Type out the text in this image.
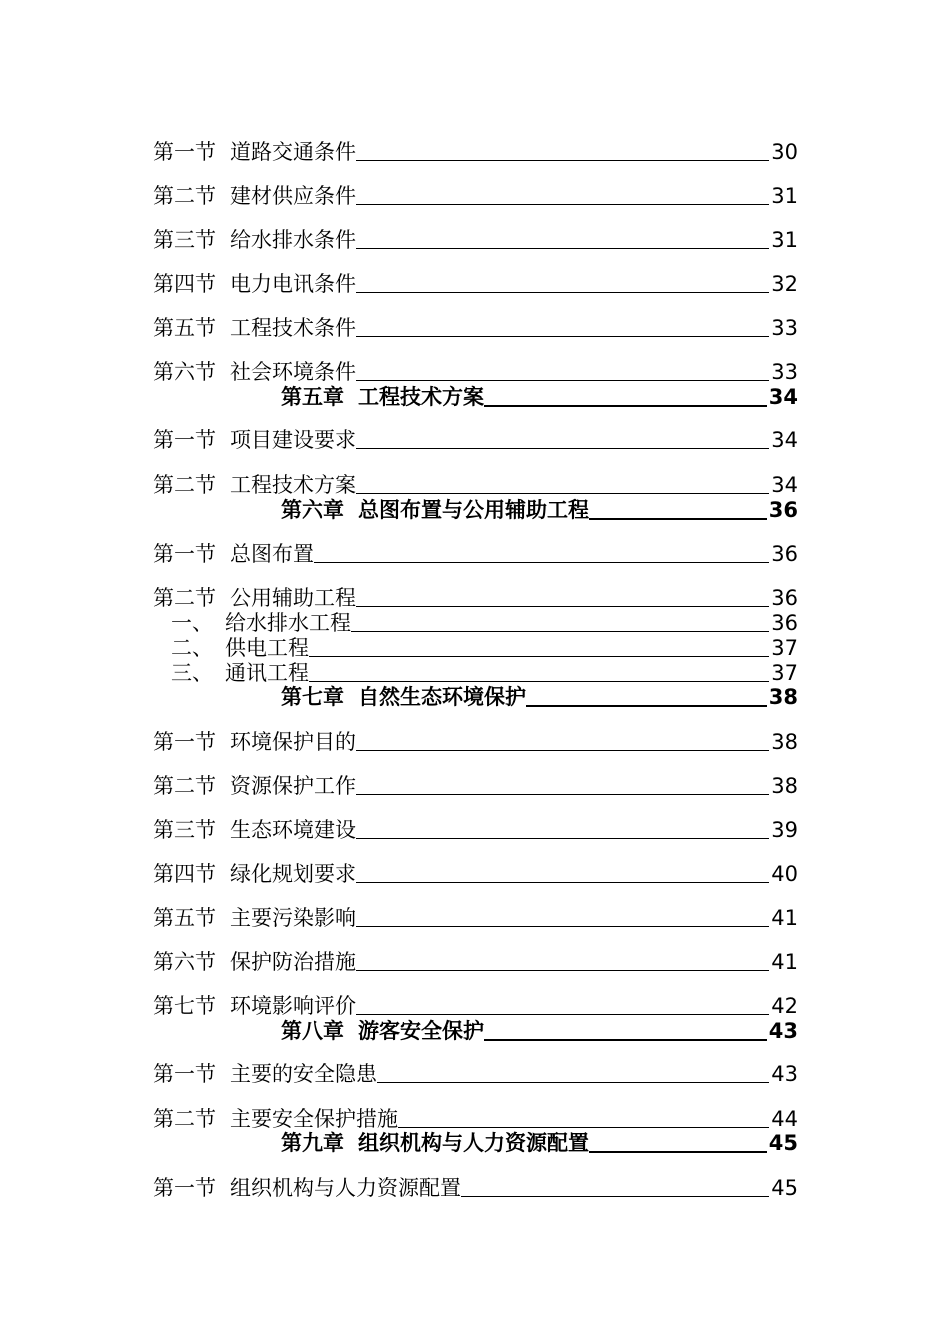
第一节 道路交通条件	30
第二节 建材供应条件	31
第三节 给水排水条件	31
第四节 电力电讯条件	32
第五节 工程技术条件	33
第六节 社会环境条件	33
第五章 工程技术方案	34
第一节 项目建设要求	34
第二节 工程技术方案	34
第六章 总图布置与公用辅助工程	36
第一节 总图布置	36
第二节 公用辅助工程	36
一、 给水排水工程	36
二、 供电工程	37
三、 通讯工程	37
第七章 自然生态环境保护	38
第一节 环境保护目的	38
第二节 资源保护工作	38
第三节 生态环境建设	39
第四节 绿化规划要求	40
第五节 主要污染影响	41
第六节 保护防治措施	41
第七节 环境影响评价	42
第八章 游客安全保护	43
第一节 主要的安全隐患	43
第二节 主要安全保护措施	44
第九章 组织机构与人力资源配置	45
第一节 组织机构与人力资源配置	45
